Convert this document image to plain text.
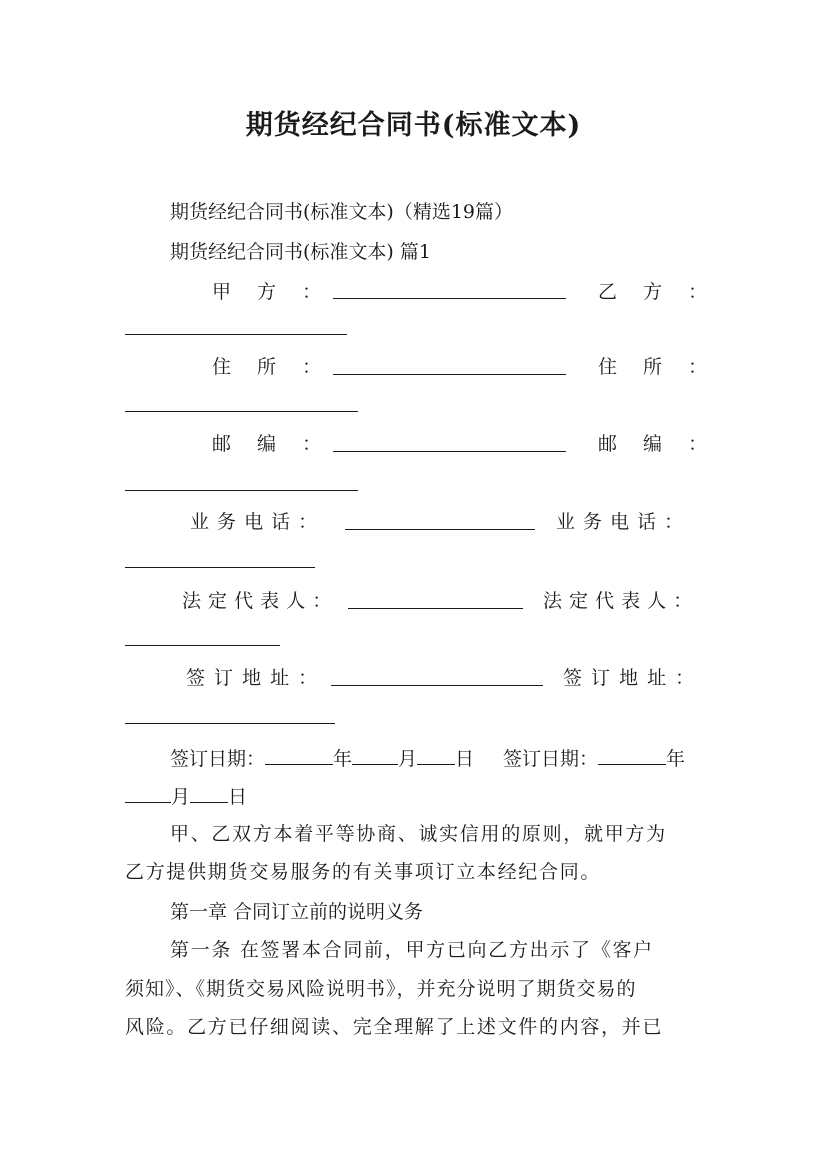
期货经纪合同书(标准文本)
期货经纪合同书(标准文本)（精选19篇）
期货经纪合同书(标准文本) 篇1
甲 方 ：	乙 方 ：
住 所 ：	住 所 ：
邮 编 ：	邮 编 ：
业 务 电 话 ：	业 务 电 话 ：
法 定 代 表 人 ：	法 定 代 表 人 ：
签 订 地 址 ：	签 订 地 址 ：
签订日期：	年 月 日 签订日期：	年
月 日
甲、乙双方本着平等协商、诚实信用的原则，就甲方为
乙方提供期货交易服务的有关事项订立本经纪合同。
第一章 合同订立前的说明义务
第一条 在签署本合同前，甲方已向乙方出示了《客户
须知》、《期货交易风险说明书》，并充分说明了期货交易的
风险。乙方已仔细阅读、完全理解了上述文件的内容，并已
